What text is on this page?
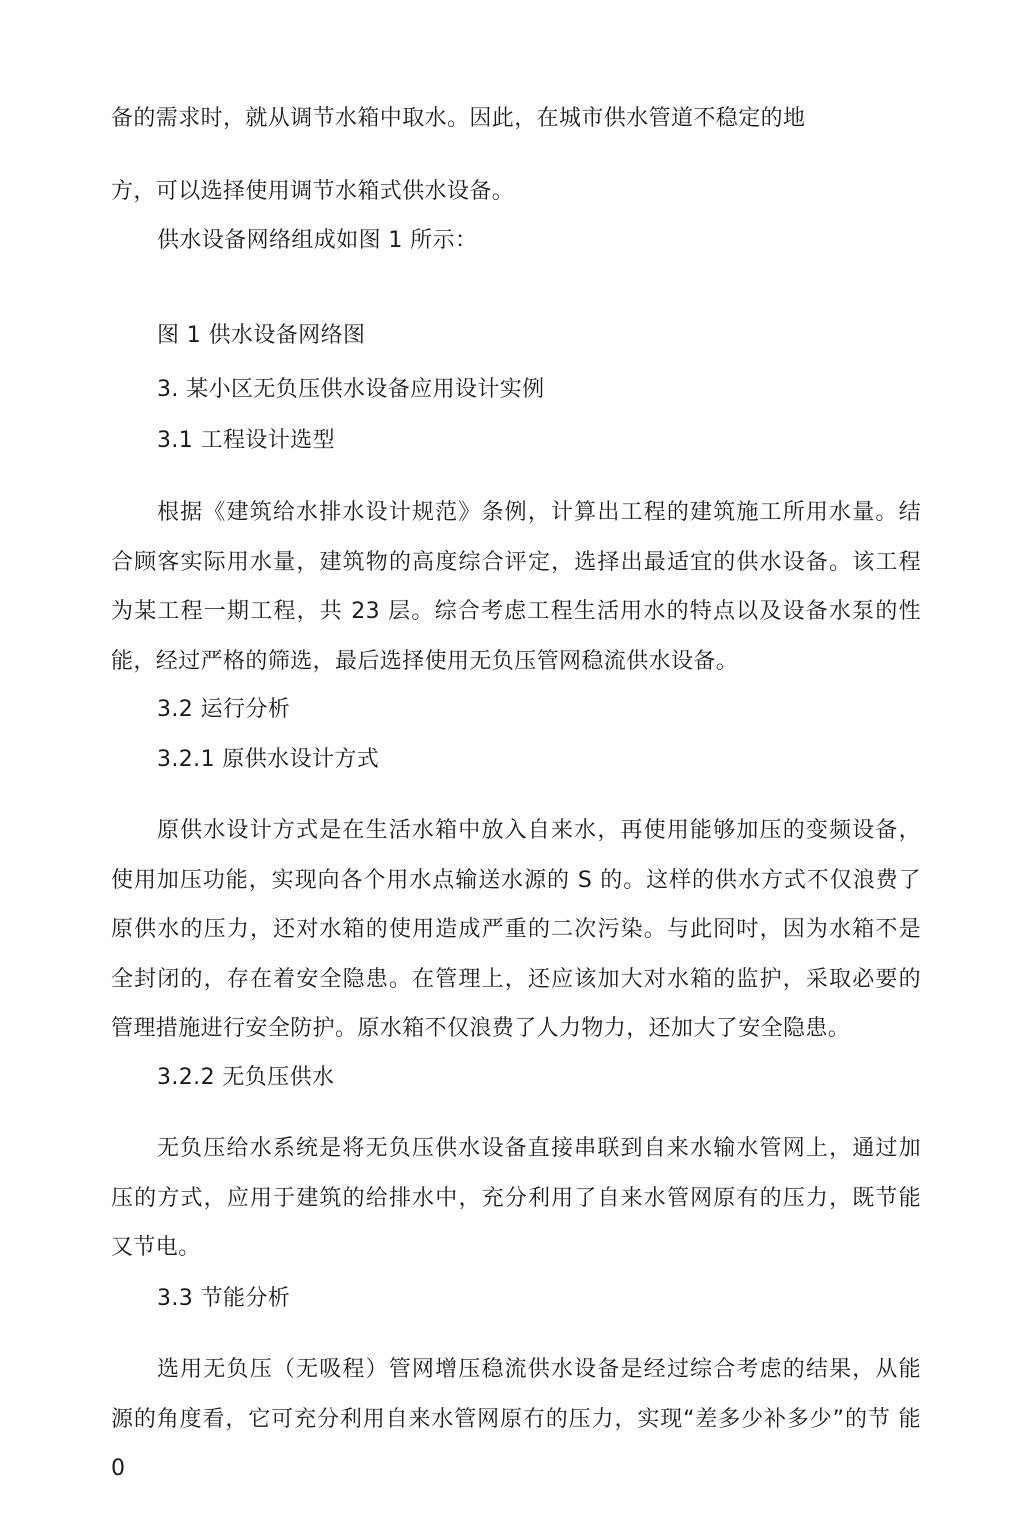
备的需求时，就从调节水箱中取水。因此，在城市供水管道不稳定的地

方，可以选择使用调节水箱式供水设备。

供水设备网络组成如图 1 所示：

图 1 供水设备网络图

3. 某小区无负压供水设备应用设计实例

3.1 工程设计选型

根据《建筑给水排水设计规范》条例，计算出工程的建筑施工所用水量。结 合顾客实际用水量，建筑物的高度综合评定，选择出最适宜的供水设备。该工程 为某工程一期工程，共 23 层。综合考虑工程生活用水的特点以及设备水泵的性 能，经过严格的筛选，最后选择使用无负压管网稳流供水设备。

3.2 运行分析

3.2.1 原供水设计方式

原供水设计方式是在生活水箱中放入自来水，再使用能够加压的变频设备， 使用加压功能，实现向各个用水点输送水源的 S 的。这样的供水方式不仅浪费了 原供水的压力，还对水箱的使用造成严重的二次污染。与此冏吋，因为水箱不是 全封闭的，存在着安全隐患。在管理上，还应该加大对水箱的监护，采取必要的 管理措施进行安全防护。原水箱不仅浪费了人力物力，还加大了安全隐患。

3.2.2 无负压供水

无负压给水系统是将无负压供水设备直接串联到自来水输水管网上，通过加 压的方式，应用于建筑的给排水中，充分利用了自来水管网原有的压力，既节能 又节电。

3.3 节能分析

选用无负压（无吸程）管网增压稳流供水设备是经过综合考虑的结果，从能 源的角度看，它可充分利用自来水管网原冇的压力，实现“差多少补多少”的节 能 0
